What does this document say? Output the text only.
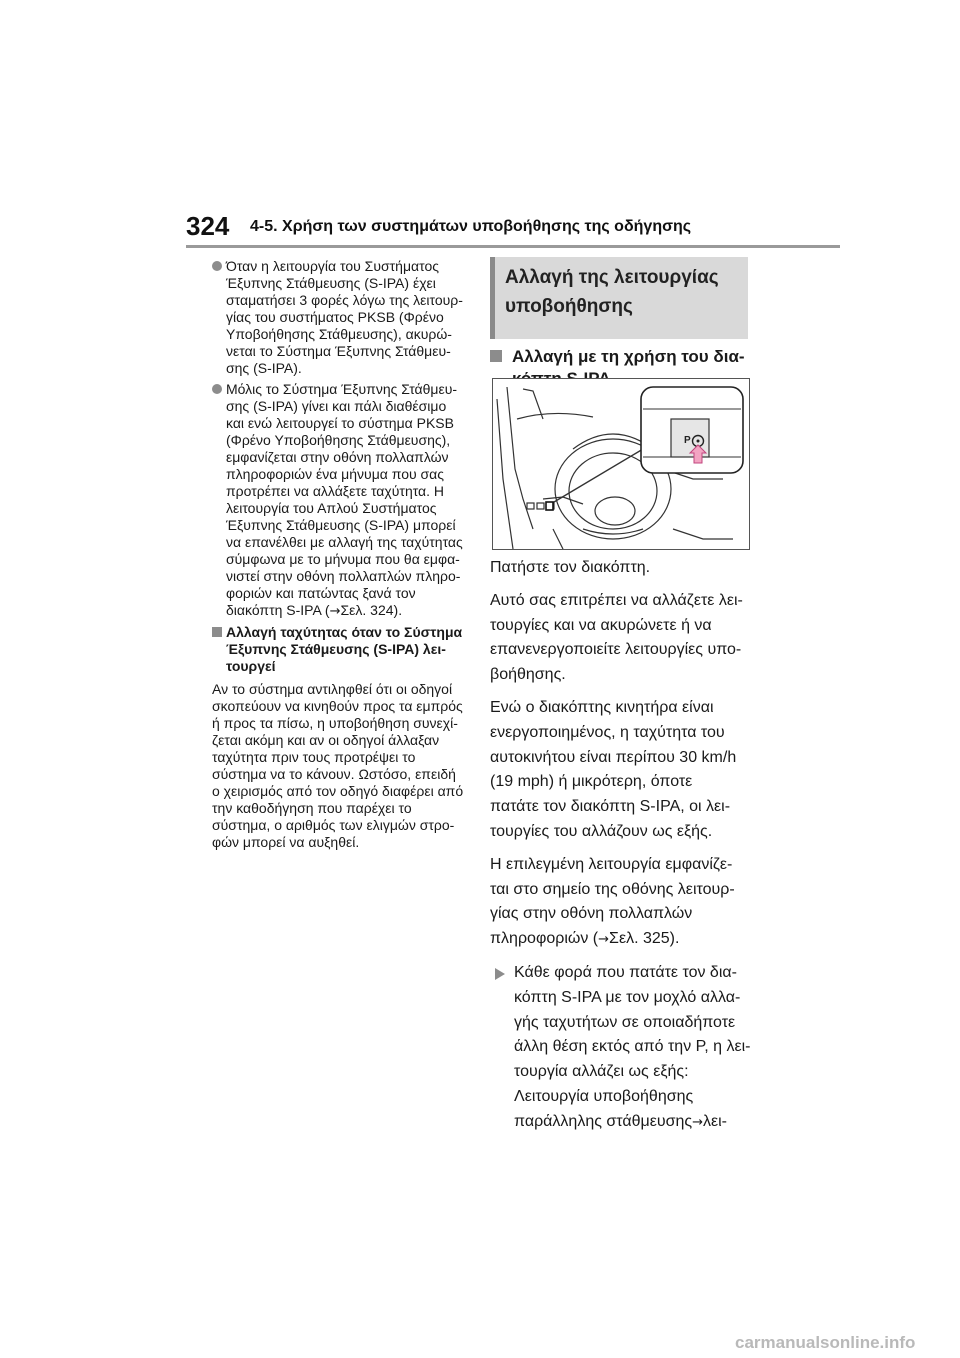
324 4-5. Χρήση των συστημάτων υποβοήθησης της οδήγησης
Όταν η λειτουργία του Συστήματος
Έξυπνης Στάθμευσης (S-IPA) έχει
σταματήσει 3 φορές λόγω της λειτουρ-
γίας του συστήματος PKSB (Φρένο
Υποβοήθησης Στάθμευσης), ακυρώ-
νεται το Σύστημα Έξυπνης Στάθμευ-
σης (S-IPA).
Μόλις το Σύστημα Έξυπνης Στάθμευ-
σης (S-IPA) γίνει και πάλι διαθέσιμο
και ενώ λειτουργεί το σύστημα PKSB
(Φρένο Υποβοήθησης Στάθμευσης),
εμφανίζεται στην οθόνη πολλαπλών
πληροφοριών ένα μήνυμα που σας
προτρέπει να αλλάξετε ταχύτητα. Η
λειτουργία του Απλού Συστήματος
Έξυπνης Στάθμευσης (S-IPA) μπορεί
να επανέλθει με αλλαγή της ταχύτητας
σύμφωνα με το μήνυμα που θα εμφα-
νιστεί στην οθόνη πολλαπλών πληρο-
φοριών και πατώντας ξανά τον
διακόπτη S-IPA (→Σελ. 324).
Αλλαγή ταχύτητας όταν το Σύστημα
Έξυπνης Στάθμευσης (S-IPA) λει-
τουργεί
Αν το σύστημα αντιληφθεί ότι οι οδηγοί
σκοπεύουν να κινηθούν προς τα εμπρός
ή προς τα πίσω, η υποβοήθηση συνεχί-
ζεται ακόμη και αν οι οδηγοί άλλαξαν
ταχύτητα πριν τους προτρέψει το
σύστημα να το κάνουν. Ωστόσο, επειδή
ο χειρισμός από τον οδηγό διαφέρει από
την καθοδήγηση που παρέχει το
σύστημα, ο αριθμός των ελιγμών στρο-
φών μπορεί να αυξηθεί.
Αλλαγή της λειτουργίας
υποβοήθησης
Αλλαγή με τη χρήση του δια-
P

Πατήστε τον διακόπτη.

Αυτό σας επιτρέπει να αλλάζετε λει-
τουργίες και να ακυρώνετε ή να
επανενεργοποιείτε λειτουργίες υπο-
βοήθησης.

Ενώ ο διακόπτης κινητήρα είναι
ενεργοποιημένος, η ταχύτητα του
αυτοκινήτου είναι περίπου 30 km/h
(19 mph) ή μικρότερη, όποτε
πατάτε τον διακόπτη S-IPA, οι λει-
τουργίες του αλλάζουν ως εξής.

Η επιλεγμένη λειτουργία εμφανίζε-
ται στο σημείο της οθόνης λειτουρ-
γίας στην οθόνη πολλαπλών
πληροφοριών (→Σελ. 325).

Κάθε φορά που πατάτε τον δια-
κόπτη S-IPA με τον μοχλό αλλα-
γής ταχυτήτων σε οποιαδήποτε
άλλη θέση εκτός από την P, η λει-
τουργία αλλάζει ως εξής:
Λειτουργία υποβοήθησης
παράλληλης στάθμευσης→λει-
carmanualsonline.info
